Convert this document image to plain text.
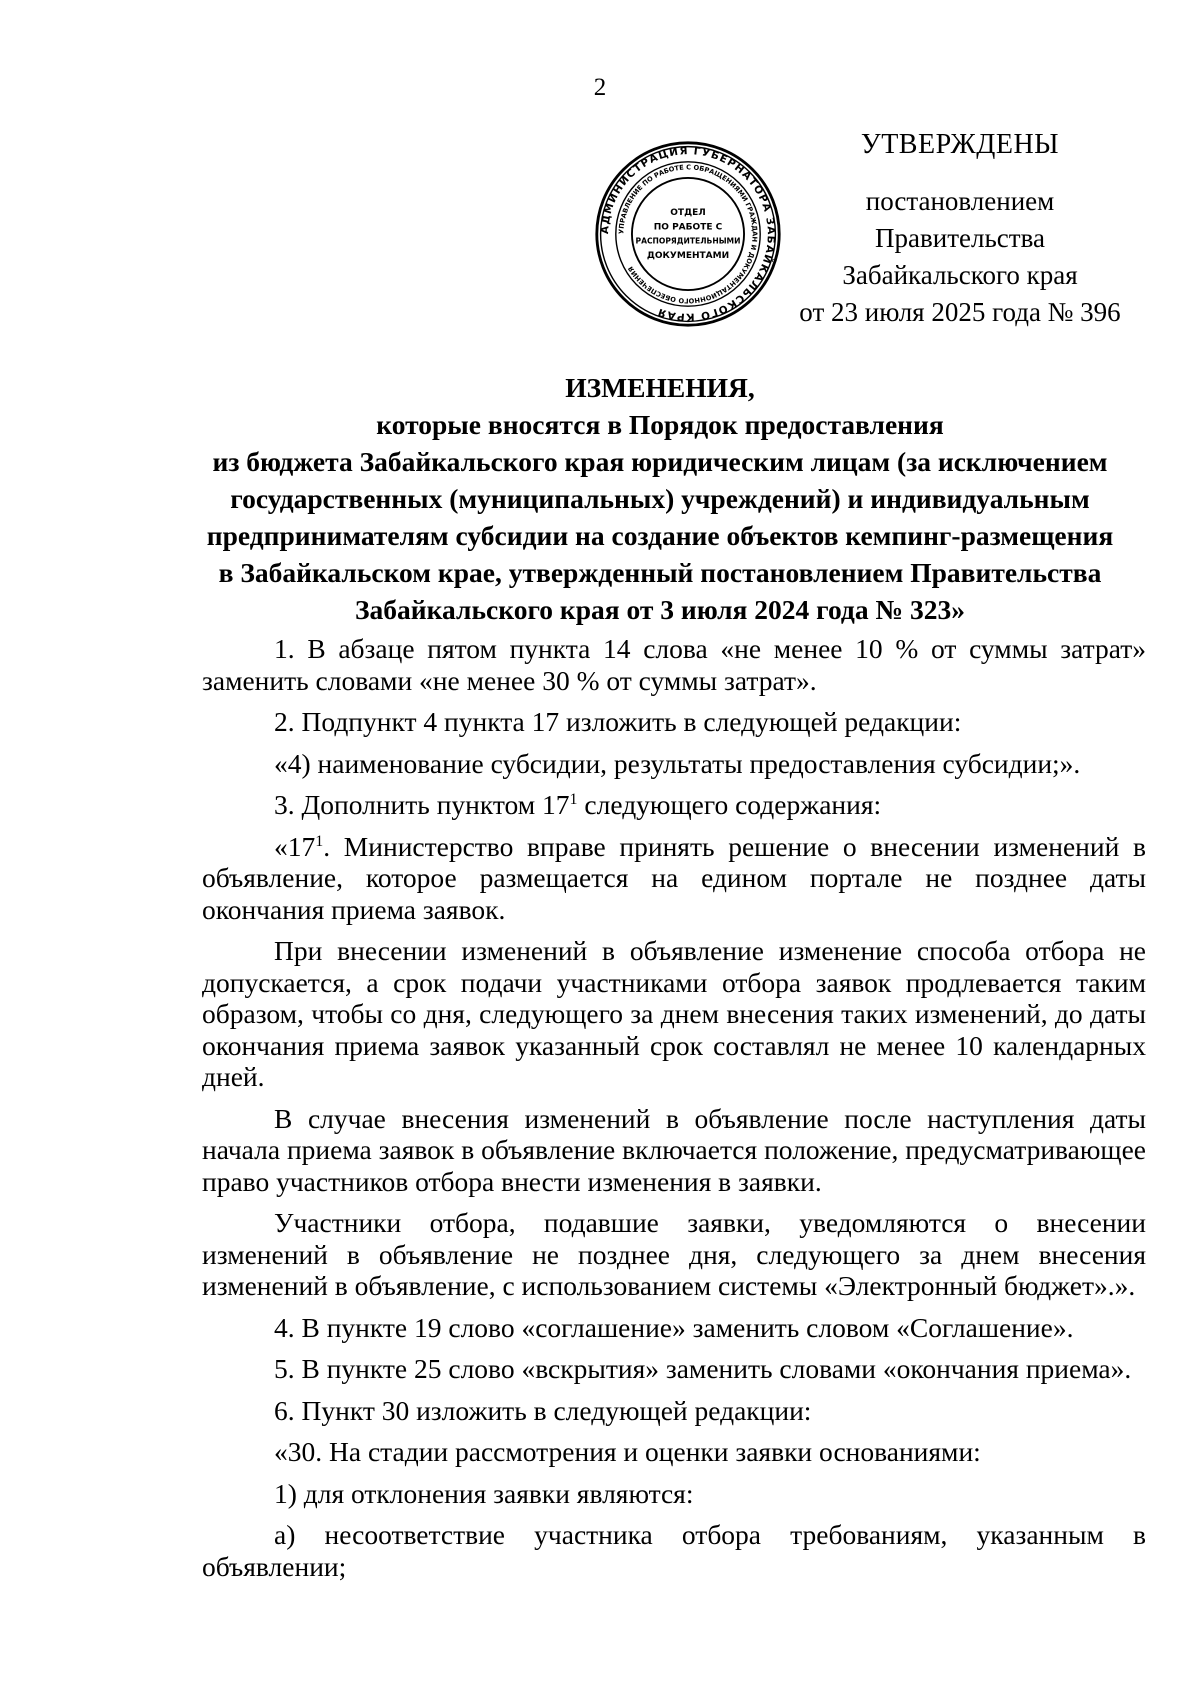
2
АДМИНИСТРАЦИЯ ГУБЕРНАТОРА ЗАБАЙКАЛЬСКОГО КРАЯ
УПРАВЛЕНИЕ ПО РАБОТЕ С ОБРАЩЕНИЯМИ ГРАЖДАН И ДОКУМЕНТАЦИОННОГО ОБЕСПЕЧЕНИЯ
ОТДЕЛ
ПО РАБОТЕ С
РАСПОРЯДИТЕЛЬНЫМИ
ДОКУМЕНТАМИ
УТВЕРЖДЕНЫ
постановлением Правительства
Забайкальского края
от 23 июля 2025 года № 396
ИЗМЕНЕНИЯ,
которые вносятся в Порядок предоставления
из бюджета Забайкальского края юридическим лицам (за исключением
государственных (муниципальных) учреждений) и индивидуальным
предпринимателям субсидии на создание объектов кемпинг-размещения
в Забайкальском крае, утвержденный постановлением Правительства
Забайкальского края от 3 июля 2024 года № 323»

1. В абзаце пятом пункта 14 слова «не менее 10 % от суммы затрат» заменить словами «не менее 30 % от суммы затрат».

2. Подпункт 4 пункта 17 изложить в следующей редакции:

«4) наименование субсидии, результаты предоставления субсидии;».

3. Дополнить пунктом $17^1$ следующего содержания:

«$17^1$. Министерство вправе принять решение о внесении изменений в объявление, которое размещается на едином портале не позднее даты окончания приема заявок.

При внесении изменений в объявление изменение способа отбора не допускается, а срок подачи участниками отбора заявок продлевается таким образом, чтобы со дня, следующего за днем внесения таких изменений, до даты окончания приема заявок указанный срок составлял не менее 10 календарных дней.

В случае внесения изменений в объявление после наступления даты начала приема заявок в объявление включается положение, предусматривающее право участников отбора внести изменения в заявки.

Участники отбора, подавшие заявки, уведомляются о внесении изменений в объявление не позднее дня, следующего за днем внесения изменений в объявление, с использованием системы «Электронный бюджет».».

4. В пункте 19 слово «соглашение» заменить словом «Соглашение».

5. В пункте 25 слово «вскрытия» заменить словами «окончания приема».

6. Пункт 30 изложить в следующей редакции:

«30. На стадии рассмотрения и оценки заявки основаниями:

1) для отклонения заявки являются:

а) несоответствие участника отбора требованиям, указанным в объявлении;
